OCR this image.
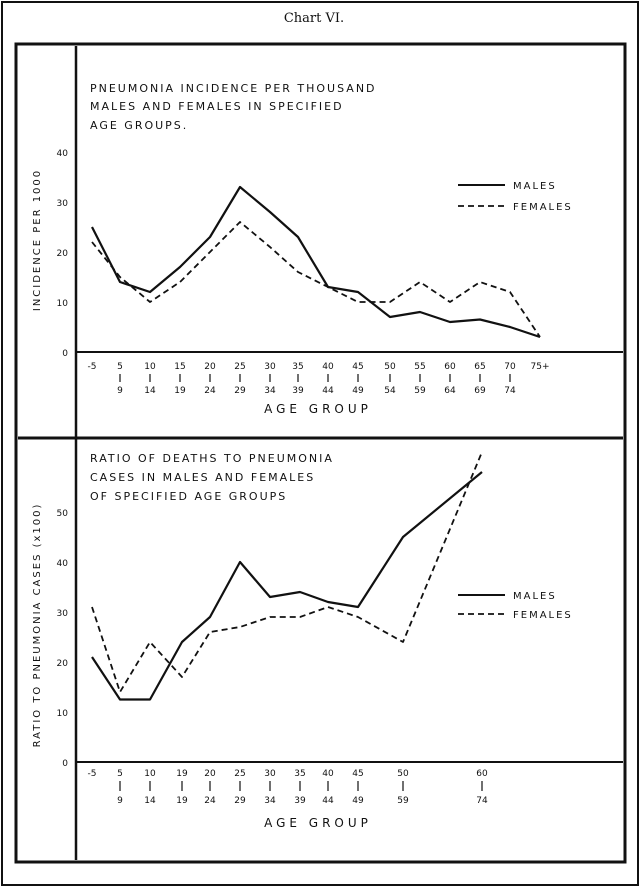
Chart VI.
PNEUMONIA INCIDENCE PER THOUSAND
MALES AND FEMALES IN SPECIFIED
AGE GROUPS.
INCIDENCE PER 1000
AGE GROUP
0
10
20
30
40
-5 5
9
10
14
15
19
20
24
25
29
30
34
35
39
40
44
45
49
50
54
55
59
60
64
65
69
70
74
75+
MALES
FEMALES
RATIO OF DEATHS TO PNEUMONIA
CASES IN MALES AND FEMALES
OF SPECIFIED AGE GROUPS
RATIO TO PNEUMONIA CASES (x100)
AGE GROUP
0
10
20
30
40
50
-5 5
9
10
14
19
19
20
24
25
29
30
34
35
39
40
44
45
49
50
59
60
74
MALES
FEMALES
